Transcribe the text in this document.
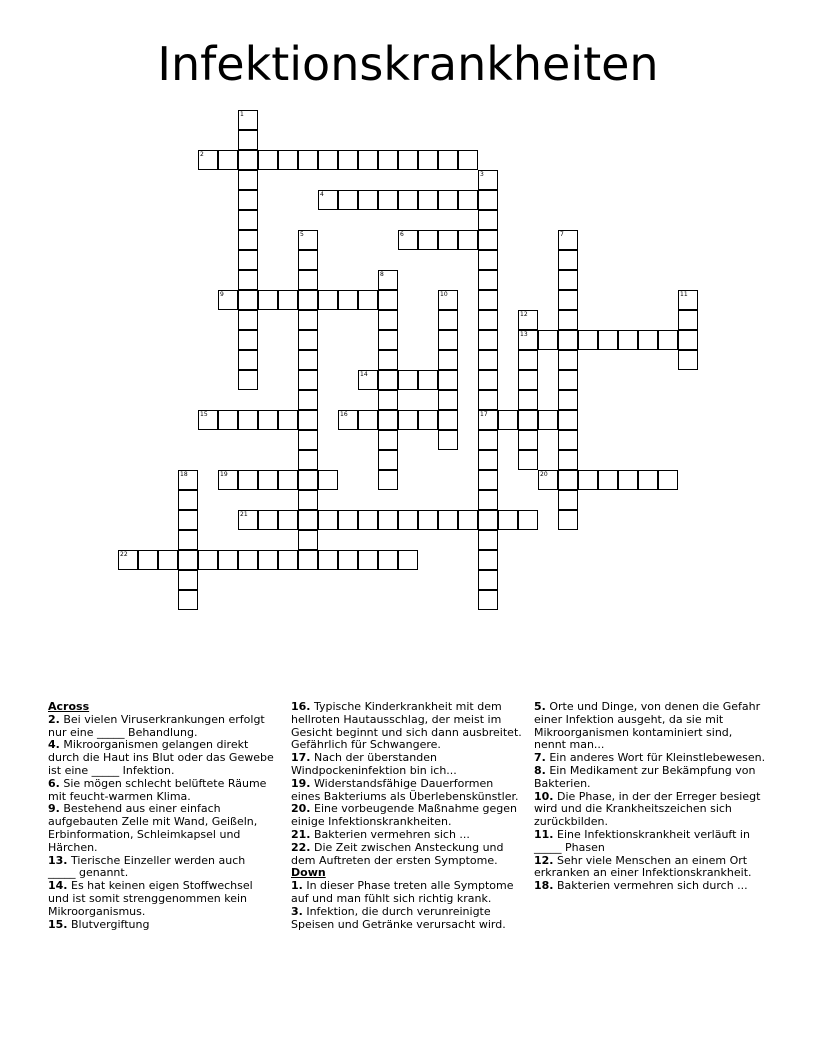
Infektionskrankheiten
1
2
3
17
4
5	6	7
8
9	10	11
12
13
14
15	16
18	19	20
21
22
Across
2. Bei vielen Viruserkrankungen erfolgt nur eine _____ Behandlung.
4. Mikroorganismen gelangen direkt durch die Haut ins Blut oder das Gewebe ist eine _____ Infektion.
6. Sie mögen schlecht belüftete Räume mit feucht-warmen Klima.
9. Bestehend aus einer einfach aufgebauten Zelle mit Wand, Geißeln, Erbinformation, Schleimkapsel und Härchen.
13. Tierische Einzeller werden auch _____ genannt.
14. Es hat keinen eigen Stoffwechsel und ist somit strenggenommen kein Mikroorganismus.
15. Blutvergiftung
16. Typische Kinderkrankheit mit dem hellroten Hautausschlag, der meist im Gesicht beginnt und sich dann ausbreitet. Gefährlich für Schwangere.
17. Nach der überstanden Windpockeninfektion bin ich...
19. Widerstandsfähige Dauerformen eines Bakteriums als Überlebenskünstler.
20. Eine vorbeugende Maßnahme gegen einige Infektionskrankheiten.
21. Bakterien vermehren sich ...
22. Die Zeit zwischen Ansteckung und dem Auftreten der ersten Symptome.
Down
1. In dieser Phase treten alle Symptome auf und man fühlt sich richtig krank.
3. Infektion, die durch verunreinigte Speisen und Getränke verursacht wird.
5. Orte und Dinge, von denen die Gefahr einer Infektion ausgeht, da sie mit Mikroorganismen kontaminiert sind, nennt man...
7. Ein anderes Wort für Kleinstlebewesen.
8. Ein Medikament zur Bekämpfung von Bakterien.
10. Die Phase, in der der Erreger besiegt wird und die Krankheitszeichen sich zurückbilden.
11. Eine Infektionskrankheit verläuft in _____ Phasen
12. Sehr viele Menschen an einem Ort erkranken an einer Infektionskrankheit.
18. Bakterien vermehren sich durch ...
